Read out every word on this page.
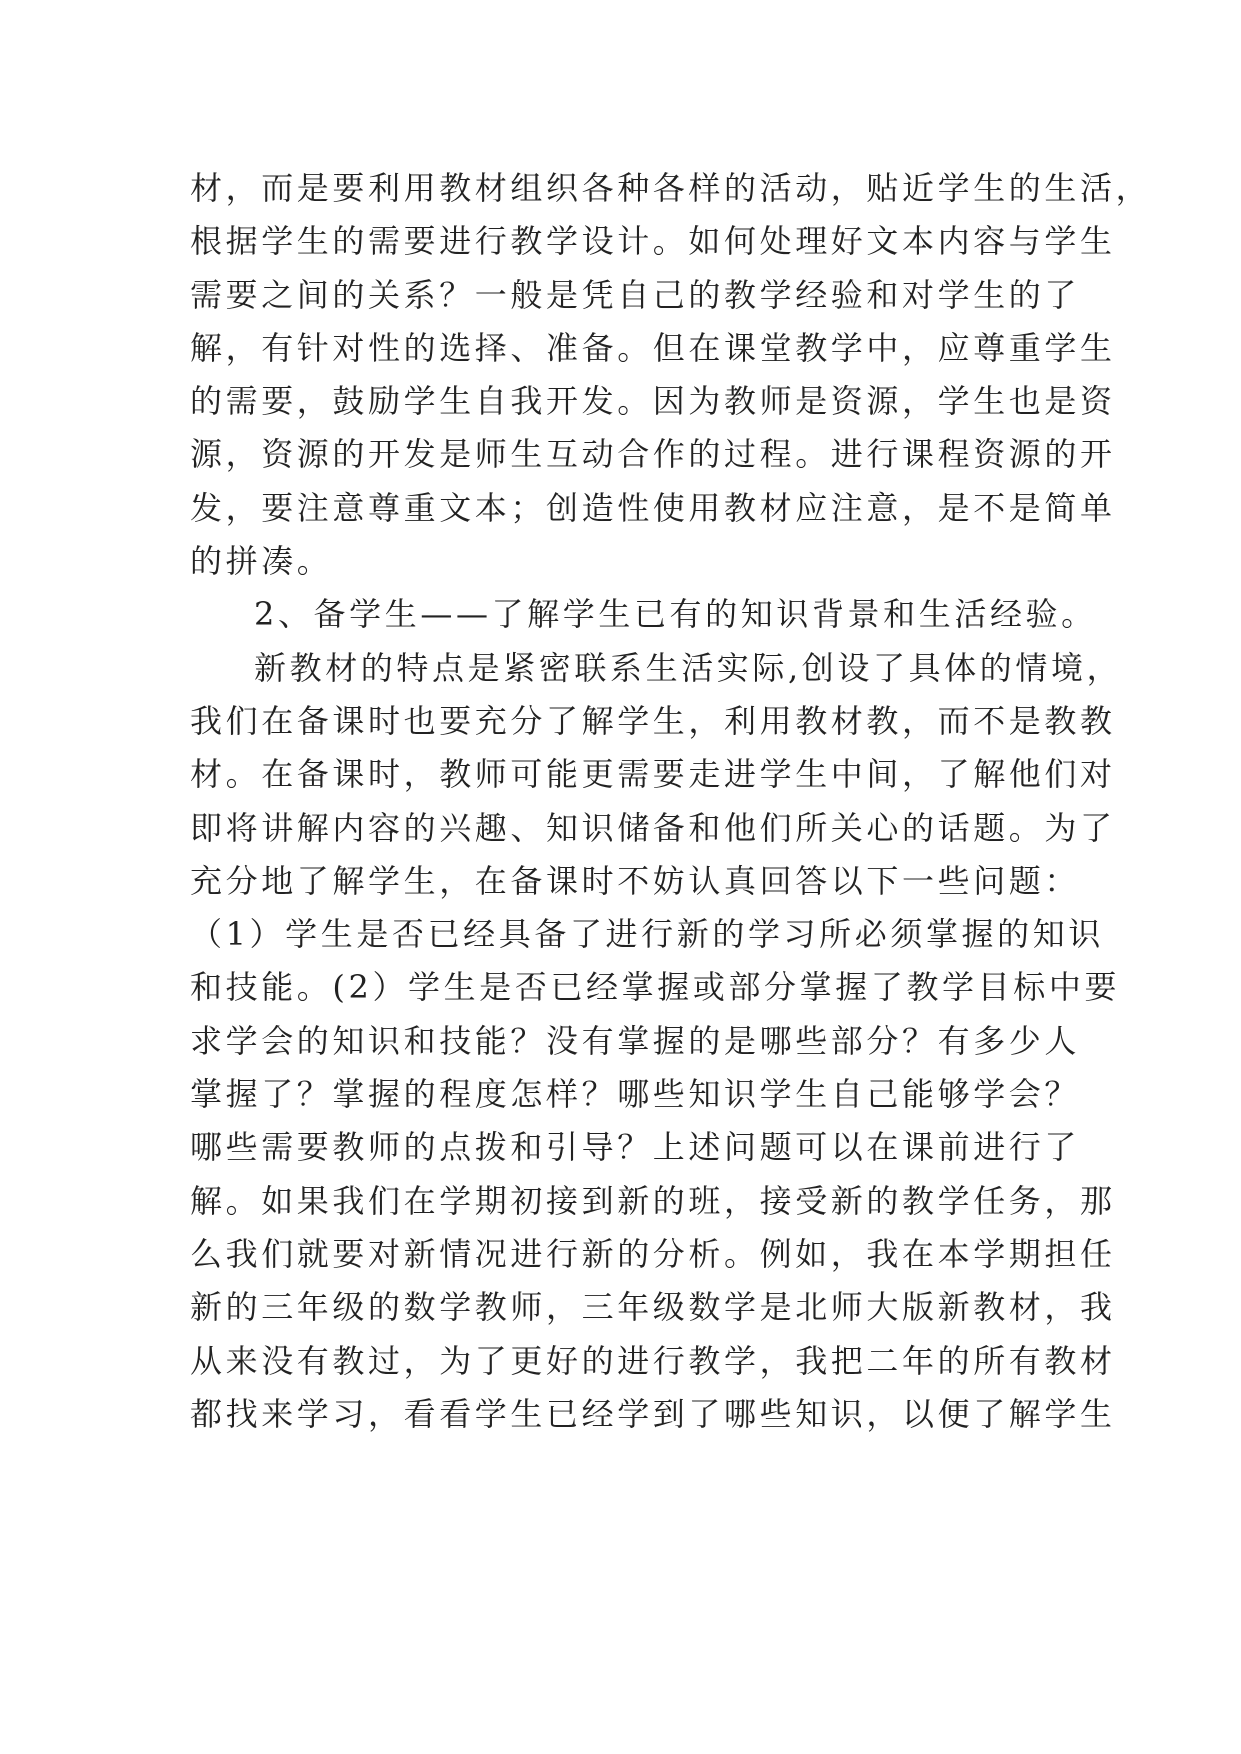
材，而是要利用教材组织各种各样的活动，贴近学生的生活，
根据学生的需要进行教学设计。如何处理好文本内容与学生
需要之间的关系？一般是凭自己的教学经验和对学生的了
解，有针对性的选择、准备。但在课堂教学中，应尊重学生
的需要，鼓励学生自我开发。因为教师是资源，学生也是资
源，资源的开发是师生互动合作的过程。进行课程资源的开
发，要注意尊重文本；创造性使用教材应注意，是不是简单
的拼凑。
2、备学生——了解学生已有的知识背景和生活经验。
新教材的特点是紧密联系生活实际,创设了具体的情境，
我们在备课时也要充分了解学生，利用教材教，而不是教教
材。在备课时，教师可能更需要走进学生中间，了解他们对
即将讲解内容的兴趣、知识储备和他们所关心的话题。为了
充分地了解学生，在备课时不妨认真回答以下一些问题：
（1）学生是否已经具备了进行新的学习所必须掌握的知识
和技能。(2）学生是否已经掌握或部分掌握了教学目标中要
求学会的知识和技能？没有掌握的是哪些部分？有多少人
掌握了？掌握的程度怎样？哪些知识学生自己能够学会？
哪些需要教师的点拨和引导？上述问题可以在课前进行了
解。如果我们在学期初接到新的班，接受新的教学任务，那
么我们就要对新情况进行新的分析。例如，我在本学期担任
新的三年级的数学教师，三年级数学是北师大版新教材，我
从来没有教过，为了更好的进行教学，我把二年的所有教材
都找来学习，看看学生已经学到了哪些知识，以便了解学生
